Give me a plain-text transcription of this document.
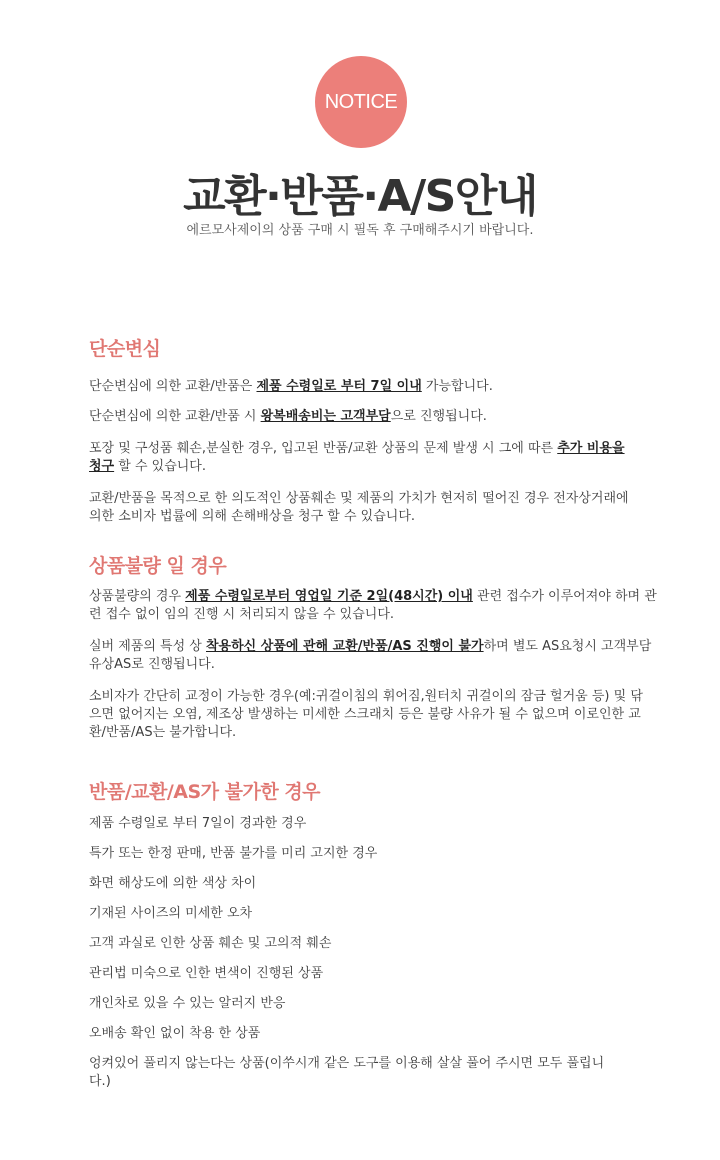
NOTICE
교환·반품·A/S안내
에르모사제이의 상품 구매 시 필독 후 구매해주시기 바랍니다.
단순변심

단순변심에 의한 교환/반품은 제품 수령일로 부터 7일 이내 가능합니다.

단순변심에 의한 교환/반품 시 왕복배송비는 고객부담으로 진행됩니다.

포장 및 구성품 훼손,분실한 경우, 입고된 반품/교환 상품의 문제 발생 시 그에 따른 추가 비용을 청구 할 수 있습니다.

교환/반품을 목적으로 한 의도적인 상품훼손 및 제품의 가치가 현저히 떨어진 경우 전자상거래에 의한 소비자 법률에 의해 손해배상을 청구 할 수 있습니다.

상품불량 일 경우

상품불량의 경우 제품 수령일로부터 영업일 기준 2일(48시간) 이내 관련 접수가 이루어져야 하며 관련 접수 없이 임의 진행 시 처리되지 않을 수 있습니다.

실버 제품의 특성 상 착용하신 상품에 관해 교환/반품/AS 진행이 불가하며 별도 AS요청시 고객부담 유상AS로 진행됩니다.

소비자가 간단히 교정이 가능한 경우(예:귀걸이침의 휘어짐,원터치 귀걸이의 잠금 헐거움 등) 및 닦으면 없어지는 오염, 제조상 발생하는 미세한 스크래치 등은 불량 사유가 될 수 없으며 이로인한 교환/반품/AS는 불가합니다.

반품/교환/AS가 불가한 경우

제품 수령일로 부터 7일이 경과한 경우

특가 또는 한정 판매, 반품 불가를 미리 고지한 경우

화면 해상도에 의한 색상 차이

기재된 사이즈의 미세한 오차

고객 과실로 인한 상품 훼손 및 고의적 훼손

관리법 미숙으로 인한 변색이 진행된 상품

개인차로 있을 수 있는 알러지 반응

오배송 확인 없이 착용 한 상품

엉켜있어 풀리지 않는다는 상품(이쑤시개 같은 도구를 이용해 살살 풀어 주시면 모두 풀립니다.)
